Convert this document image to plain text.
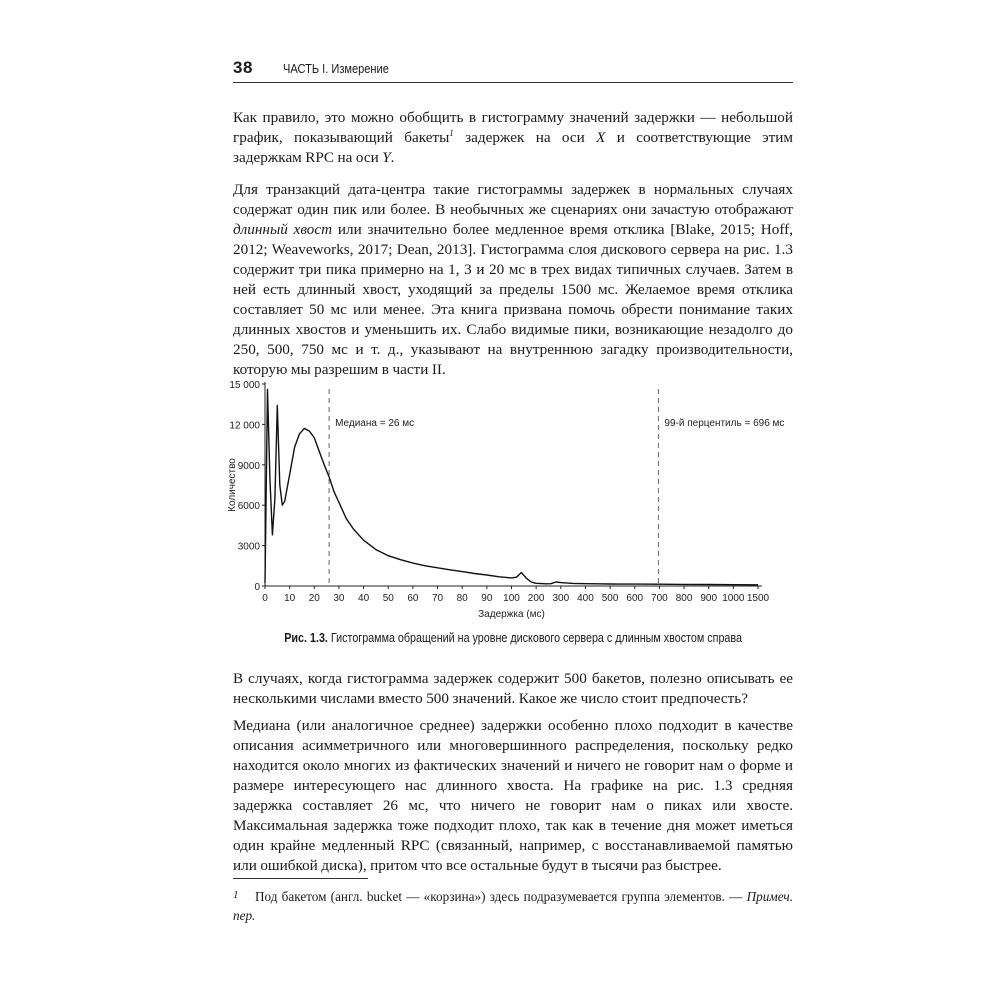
38 ЧАСТЬ I. Измерение

Как правило, это можно обобщить в гистограмму значений задержки — небольшой график, показывающий бакеты$^1$ задержек на оси X и соответствующие этим задержкам RPC на оси Y.

Для транзакций дата-центра такие гистограммы задержек в нормальных случаях содержат один пик или более. В необычных же сценариях они зачастую отображают длинный хвост или значительно более медленное время отклика [Blake, 2015; Hoff, 2012; Weaveworks, 2017; Dean, 2013]. Гистограмма слоя дискового сервера на рис. 1.3 содержит три пика примерно на 1, 3 и 20 мс в трех видах типичных случаев. Затем в ней есть длинный хвост, уходящий за пределы 1500 мс. Желаемое время отклика составляет 50 мс или менее. Эта книга призвана помочь обрести понимание таких длинных хвостов и уменьшить их. Слабо видимые пики, возникающие незадолго до 250, 500, 750 мс и т. д., указывают на внутреннюю загадку производительности, которую мы разрешим в части II.

0
3000
6000
9000
12 000
15 000
0 10 20 30 40 50 60 70 80 90 100 200 300 400 500 600 700 800 900 1000 1500
Задержка (мс)
Количество
Медиана = 26 мс	99-й перцентиль = 696 мс
Рис. 1.3. Гистограмма обращений на уровне дискового сервера с длинным хвостом справа

В случаях, когда гистограмма задержек содержит 500 бакетов, полезно описывать ее несколькими числами вместо 500 значений. Какое же число стоит предпочесть?

Медиана (или аналогичное среднее) задержки особенно плохо подходит в качестве описания асимметричного или многовершинного распределения, поскольку редко находится около многих из фактических значений и ничего не говорит нам о форме и размере интересующего нас длинного хвоста. На графике на рис. 1.3 средняя задержка составляет 26 мс, что ничего не говорит нам о пиках или хвосте. Максимальная задержка тоже подходит плохо, так как в течение дня может иметься один крайне медленный RPC (связанный, например, с восстанавливаемой памятью или ошибкой диска), притом что все остальные будут в тысячи раз быстрее.

1 Под бакетом (англ. bucket — «корзина») здесь подразумевается группа элементов. — Примеч. пер.
